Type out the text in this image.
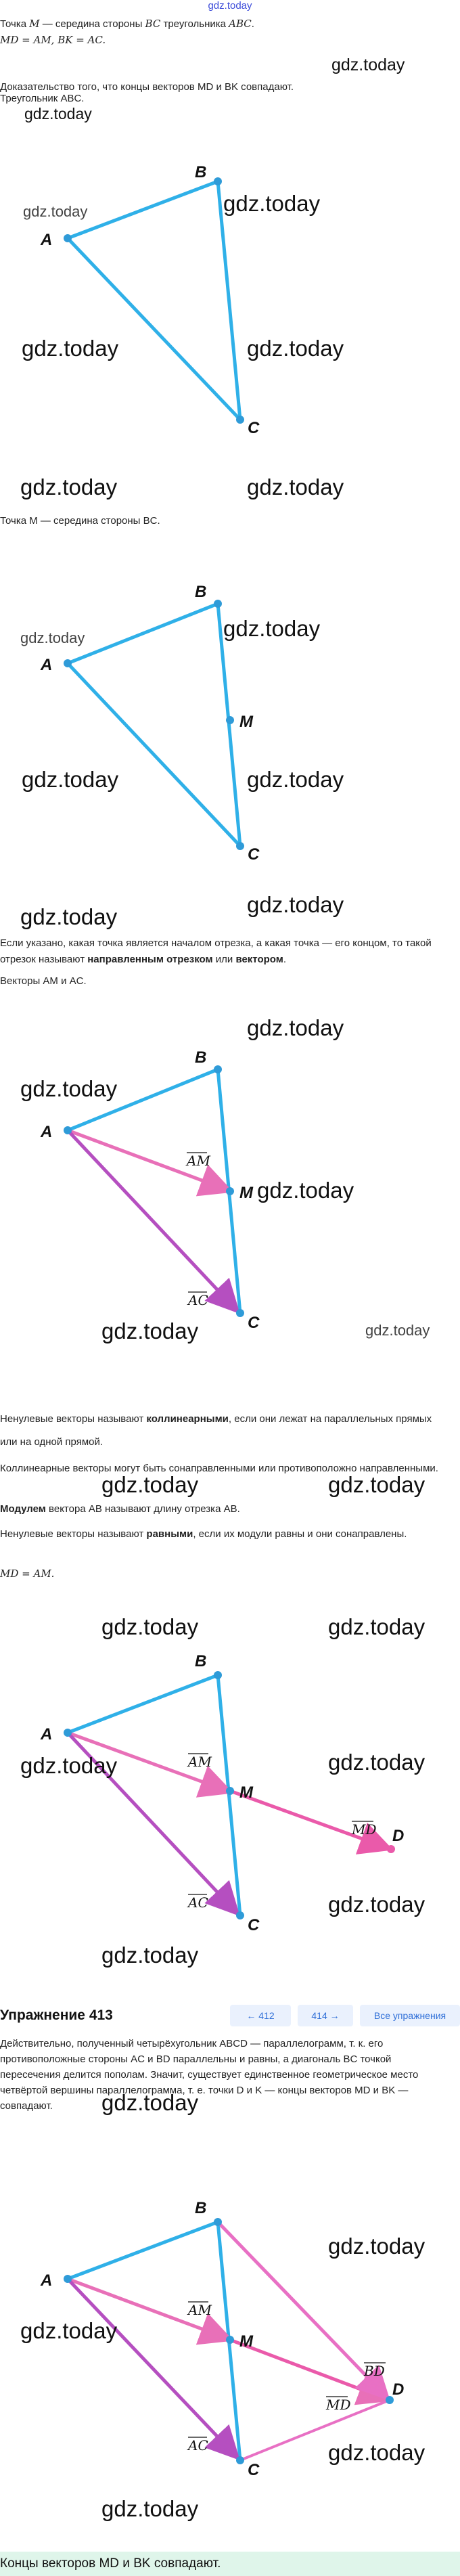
gdz.today
Точка M — середина стороны BC треугольника ABC.
MD = AM, BK = AC.
Доказательство того, что концы векторов MD и BK совпадают.
Треугольник ABC.
gdz.today
gdz.today
A
B
C
gdz.today	gdz.today
gdz.today	gdz.today
gdz.today	gdz.today
Точка M — середина стороны BC.
A
B
M
C
gdz.today	gdz.today
gdz.today	gdz.today
gdz.today	gdz.today
Если указано, какая точка является началом отрезка, а какая точка — его концом, то такой отрезок называют направленным отрезком или вектором.
Векторы AM и AC.
A
B
M
C
AM
AC
gdz.today
gdz.today
gdz.today
gdz.today	gdz.today
Ненулевые векторы называют коллинеарными, если они лежат на параллельных прямых или на одной прямой.
Коллинеарные векторы могут быть сонаправленными или противоположно направленными.
Модулем вектора AB называют длину отрезка AB.
Ненулевые векторы называют равными, если их модули равны и они сонаправлены.
MD = AM.
gdz.today	gdz.today
A
B
M
C
D
AM
AC
MD
gdz.today	gdz.today
gdz.today
gdz.today
gdz.today
gdz.today
Упражнение 413	← 412	414 →	Все упражнения
Действительно, полученный четырёхугольник ABCD — параллелограмм, т. к. его противоположные стороны AC и BD параллельны и равны, а диагональ BC точкой пересечения делится пополам. Значит, существует единственное геометрическое место четвёртой вершины параллелограмма, т. е. точки D и K — концы векторов MD и BK — совпадают.	gdz.today
A
B
M
C
D
AM
AC
BD
MD
gdz.today
gdz.today
gdz.today
gdz.today
Концы векторов MD и BK совпадают.
